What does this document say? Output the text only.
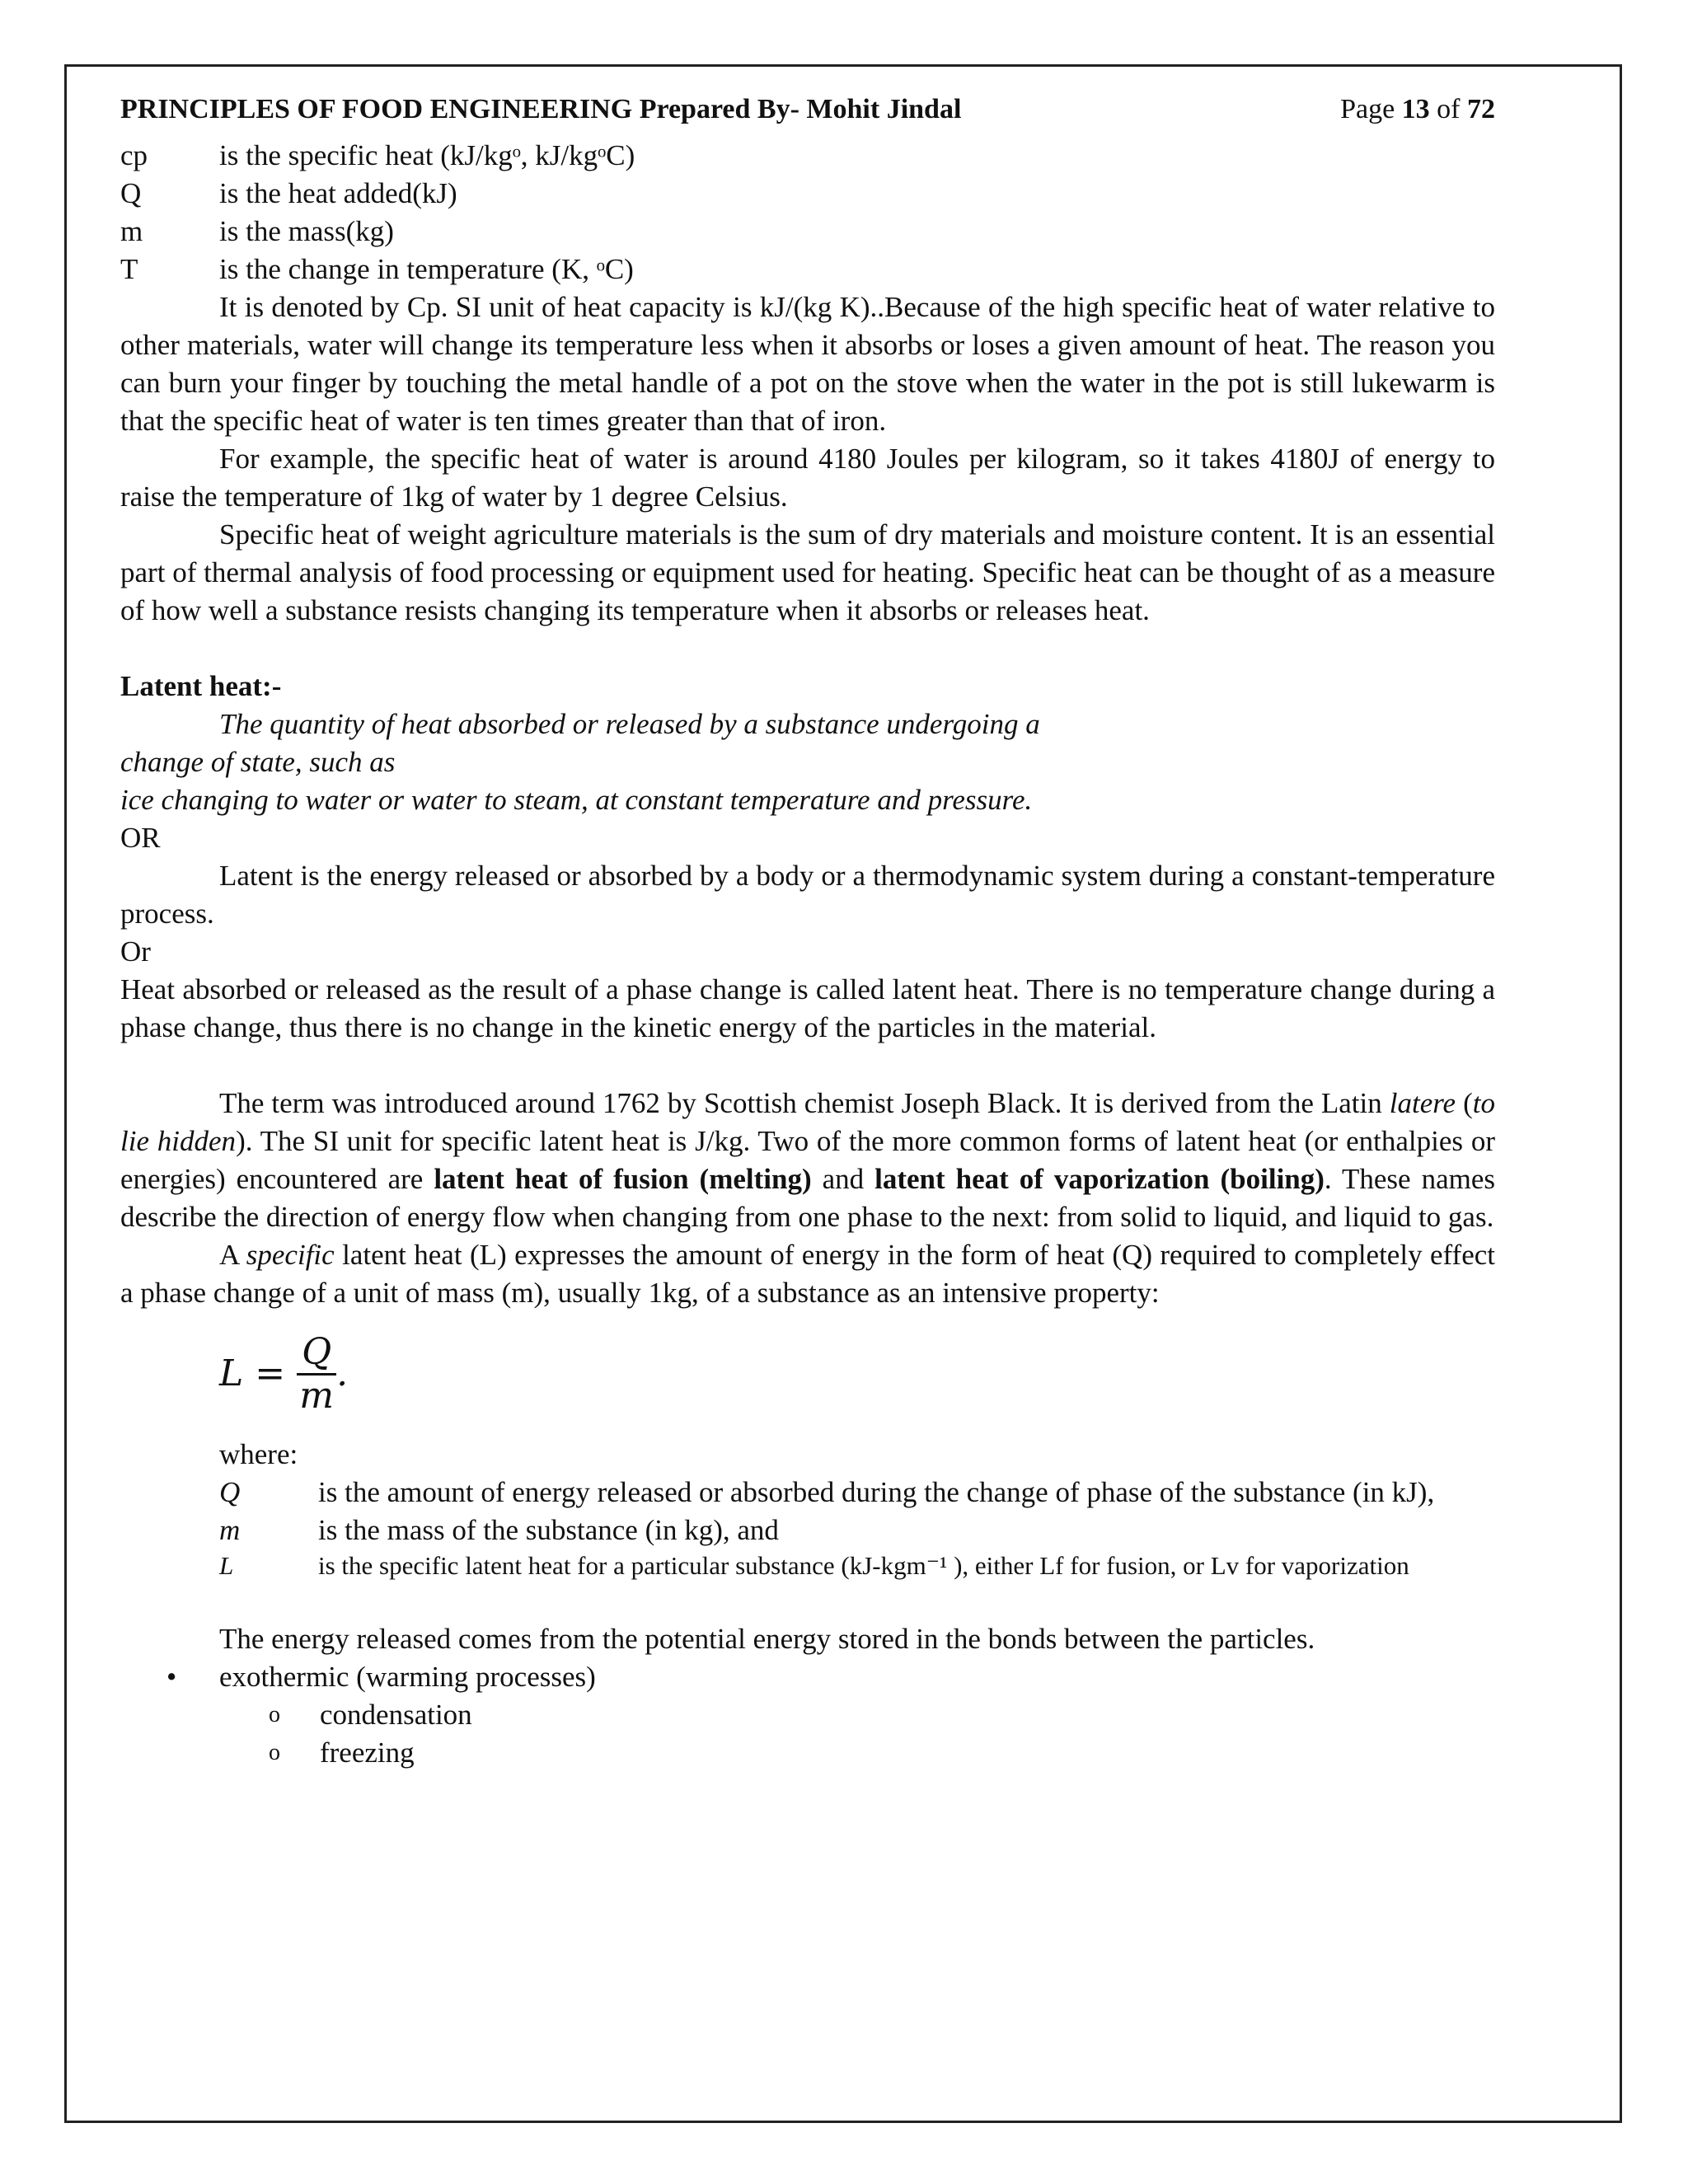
PRINCIPLES OF FOOD ENGINEERING Prepared By- Mohit Jindal	Page 13 of 72
cp	is the specific heat (kJ/kgᵒ, kJ/kgᵒC)
Q	is the heat added(kJ)
m	is the mass(kg)
T	is the change in temperature (K, ᵒC)

It is denoted by Cp. SI unit of heat capacity is kJ/(kg K)..Because of the high specific heat of water relative to other materials, water will change its temperature less when it absorbs or loses a given amount of heat. The reason you can burn your finger by touching the metal handle of a pot on the stove when the water in the pot is still lukewarm is that the specific heat of water is ten times greater than that of iron.

For example, the specific heat of water is around 4180 Joules per kilogram, so it takes 4180J of energy to raise the temperature of 1kg of water by 1 degree Celsius.

Specific heat of weight agriculture materials is the sum of dry materials and moisture content. It is an essential part of thermal analysis of food processing or equipment used for heating. Specific heat can be thought of as a measure of how well a substance resists changing its temperature when it absorbs or releases heat.

Latent heat:-

The quantity of heat absorbed or released by a substance undergoing a

change of state, such as

ice changing to water or water to steam, at constant temperature and pressure.

OR

Latent is the energy released or absorbed by a body or a thermodynamic system during a constant-temperature process.

Or

Heat absorbed or released as the result of a phase change is called latent heat. There is no temperature change during a phase change, thus there is no change in the kinetic energy of the particles in the material.

The term was introduced around 1762 by Scottish chemist Joseph Black. It is derived from the Latin latere (to lie hidden). The SI unit for specific latent heat is J/kg. Two of the more common forms of latent heat (or enthalpies or energies) encountered are latent heat of fusion (melting) and latent heat of vaporization (boiling). These names describe the direction of energy flow when changing from one phase to the next: from solid to liquid, and liquid to gas.

A specific latent heat (L) expresses the amount of energy in the form of heat (Q) required to completely effect a phase change of a unit of mass (m), usually 1kg, of a substance as an intensive property:

L
= $\frac{Q}{m}$ .

where:

Q	is the amount of energy released or absorbed during the change of phase of the substance (in kJ),
m	is the mass of the substance (in kg), and
L	is the specific latent heat for a particular substance (kJ-kgm⁻¹ ), either Lf for fusion, or Lv for vaporization

The energy released comes from the potential energy stored in the bonds between the particles.

•	exothermic (warming processes)
o	condensation
o	freezing
